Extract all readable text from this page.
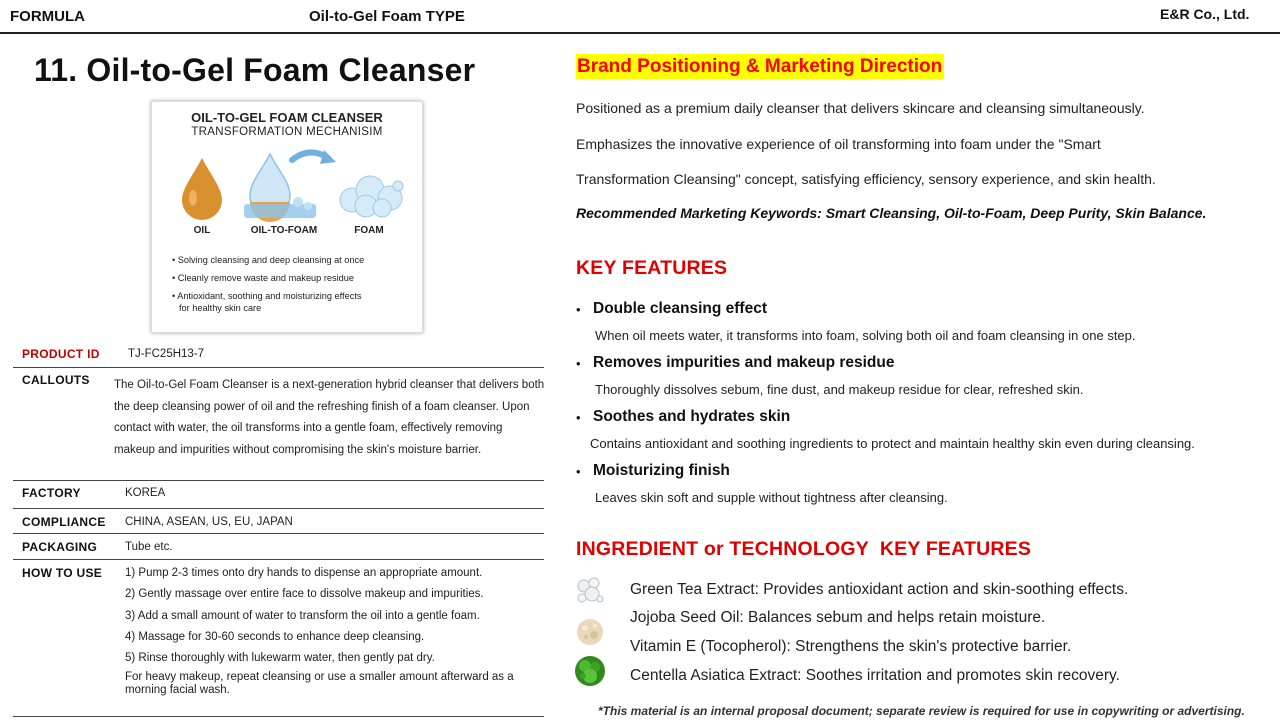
FORMULA	Oil-to-Gel Foam TYPE	E&R Co., Ltd.
11. Oil-to-Gel Foam Cleanser
OIL-TO-GEL FOAM CLEANSER
TRANSFORMATION MECHANISIM
OIL	OIL-TO-FOAM	FOAM
• Solving cleansing and deep cleansing at once
• Cleanly remove waste and makeup residue
• Antioxidant, soothing and moisturizing effects
for healthy skin care
PRODUCT ID TJ-FC25H13-7
CALLOUTS The Oil-to-Gel Foam Cleanser is a next-generation hybrid cleanser that delivers both the deep cleansing power of oil and the refreshing finish of a foam cleanser. Upon contact with water, the oil transforms into a gentle foam, effectively removing makeup and impurities without compromising the skin's moisture barrier.
FACTORY	KOREA
COMPLIANCE CHINA, ASEAN, US, EU, JAPAN
PACKAGING Tube etc.
HOW TO USE 1) Pump 2-3 times onto dry hands to dispense an appropriate amount.
2) Gently massage over entire face to dissolve makeup and impurities.
3) Add a small amount of water to transform the oil into a gentle foam.
4) Massage for 30-60 seconds to enhance deep cleansing.
5) Rinse thoroughly with lukewarm water, then gently pat dry.
For heavy makeup, repeat cleansing or use a smaller amount afterward as a morning facial wash.
Brand Positioning & Marketing Direction
Positioned as a premium daily cleanser that delivers skincare and cleansing simultaneously.
Emphasizes the innovative experience of oil transforming into foam under the "Smart
Transformation Cleansing" concept, satisfying efficiency, sensory experience, and skin health.
Recommended Marketing Keywords: Smart Cleansing, Oil-to-Foam, Deep Purity, Skin Balance.
KEY FEATURES
• Double cleansing effect
When oil meets water, it transforms into foam, solving both oil and foam cleansing in one step.
• Removes impurities and makeup residue
Thoroughly dissolves sebum, fine dust, and makeup residue for clear, refreshed skin.
• Soothes and hydrates skin
Contains antioxidant and soothing ingredients to protect and maintain healthy skin even during cleansing.
• Moisturizing finish
Leaves skin soft and supple without tightness after cleansing.
INGREDIENT or TECHNOLOGY  KEY FEATURES
Green Tea Extract: Provides antioxidant action and skin-soothing effects.
Jojoba Seed Oil: Balances sebum and helps retain moisture.
Vitamin E (Tocopherol): Strengthens the skin's protective barrier.
Centella Asiatica Extract: Soothes irritation and promotes skin recovery.
*This material is an internal proposal document; separate review is required for use in copywriting or advertising.
